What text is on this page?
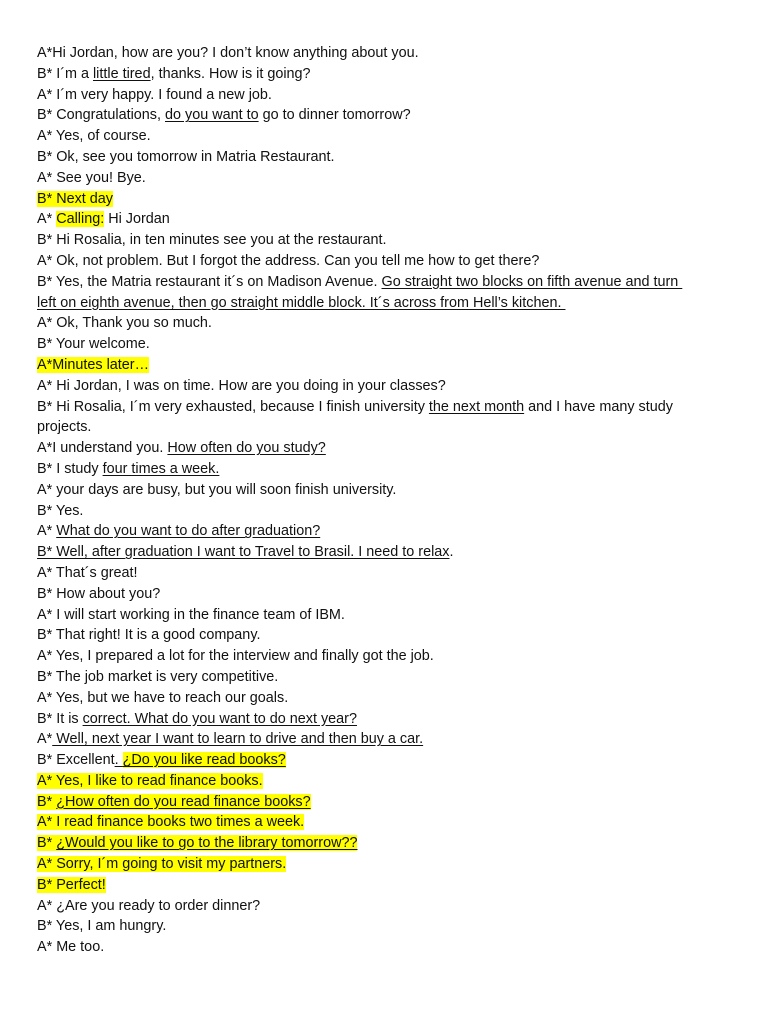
A*Hi Jordan, how are you? I don’t know anything about you.
B* I´m a little tired, thanks. How is it going?
A* I´m very happy. I found a new job.
B* Congratulations, do you want to go to dinner tomorrow?
A* Yes, of course.
B* Ok, see you tomorrow in Matria Restaurant.
A* See you! Bye.
B* Next day
A* Calling: Hi Jordan
B* Hi Rosalia, in ten minutes see you at the restaurant.
A* Ok, not problem. But I forgot the address. Can you tell me how to get there?
B* Yes, the Matria restaurant it´s on Madison Avenue. Go straight two blocks on fifth avenue and turn
left on eighth avenue, then go straight middle block. It´s across from Hell’s kitchen.
A* Ok, Thank you so much.
B* Your welcome.
A*Minutes later…
A* Hi Jordan, I was on time. How are you doing in your classes?
B* Hi Rosalia, I´m very exhausted, because I finish university the next month and I have many study
projects.
A*I understand you. How often do you study?
B* I study four times a week.
A* your days are busy, but you will soon finish university.
B* Yes.
A* What do you want to do after graduation?
B* Well, after graduation I want to Travel to Brasil. I need to relax.
A* That´s great!
B* How about you?
A* I will start working in the finance team of IBM.
B* That right! It is a good company.
A* Yes, I prepared a lot for the interview and finally got the job.
B* The job market is very competitive.
A* Yes, but we have to reach our goals.
B* It is correct. What do you want to do next year?
A* Well, next year I want to learn to drive and then buy a car.
B* Excellent. ¿Do you like read books?
A* Yes, I like to read finance books.
B* ¿How often do you read finance books?
A* I read finance books two times a week.
B* ¿Would you like to go to the library tomorrow??
A* Sorry, I´m going to visit my partners.
B* Perfect!
A* ¿Are you ready to order dinner?
B* Yes, I am hungry.
A* Me too.
